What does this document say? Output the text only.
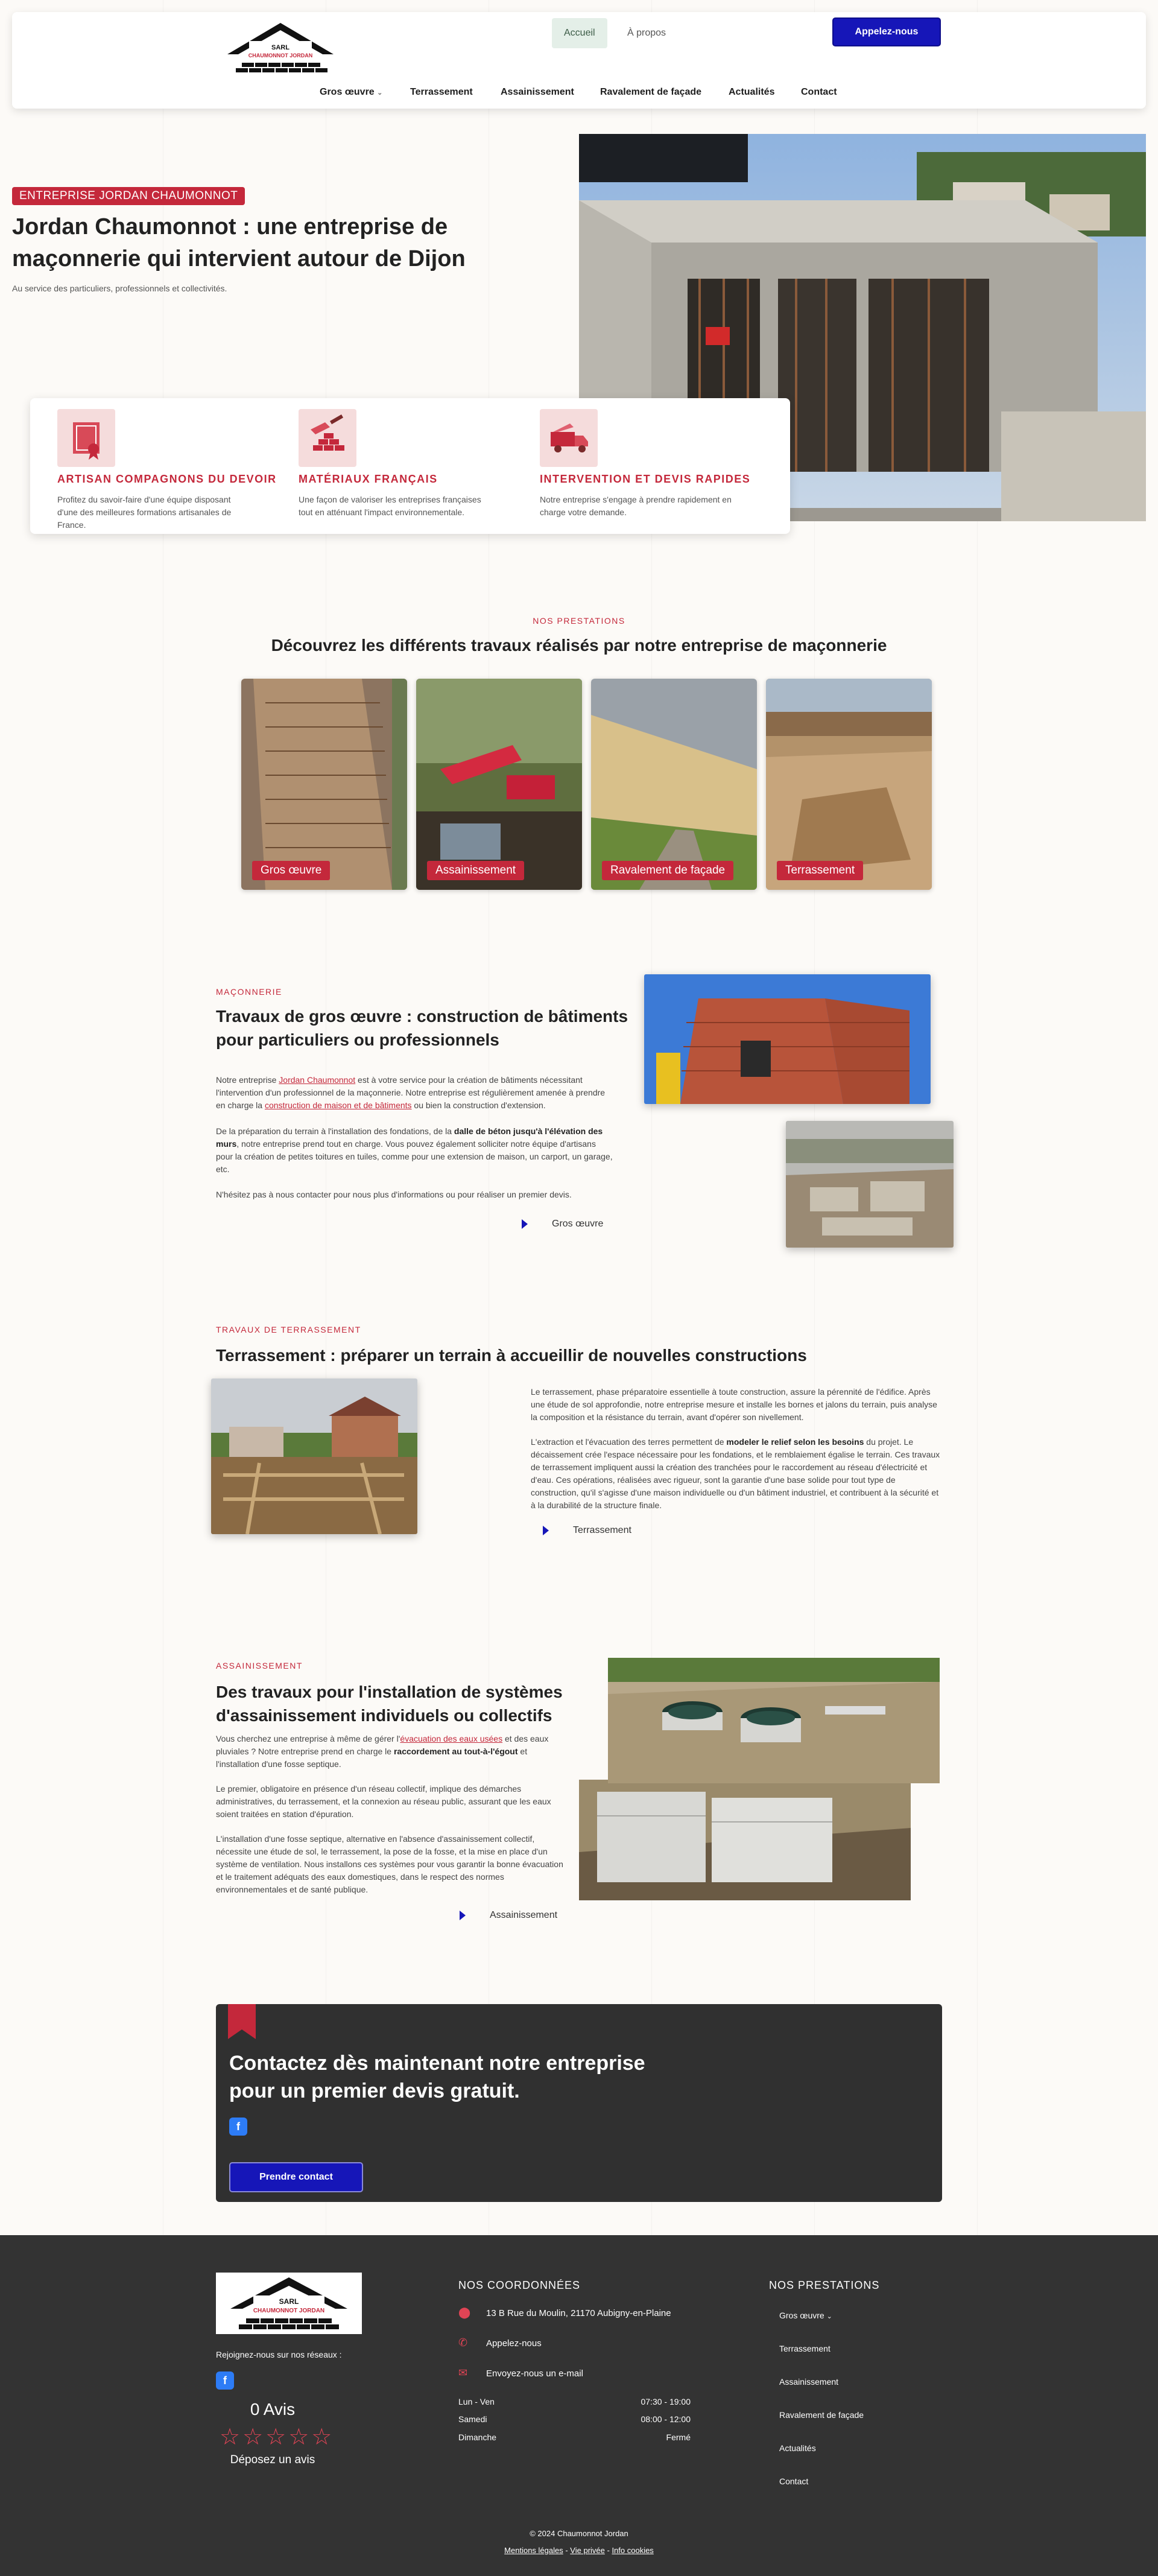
SARL
CHAUMONNOT JORDAN
Accueil	À propos	Appelez-nous
Gros œuvre ⌄	Terrassement	Assainissement	Ravalement de façade	Actualités	Contact
ENTREPRISE JORDAN CHAUMONNOT
Jordan Chaumonnot : une entreprise de maçonnerie qui intervient autour de Dijon
Au service des particuliers, professionnels et collectivités.
ARTISAN COMPAGNONS DU DEVOIR
Profitez du savoir-faire d'une équipe disposant d'une des meilleures formations artisanales de France.
MATÉRIAUX FRANÇAIS
Une façon de valoriser les entreprises françaises tout en atténuant l'impact environnementale.
INTERVENTION ET DEVIS RAPIDES
Notre entreprise s'engage à prendre rapidement en charge votre demande.
NOS PRESTATIONS
Découvrez les différents travaux réalisés par notre entreprise de maçonnerie
Gros œuvre	Assainissement	Ravalement de façade	Terrassement
MAÇONNERIE
Travaux de gros œuvre : construction de bâtiments pour particuliers ou professionnels
Notre entreprise Jordan Chaumonnot est à votre service pour la création de bâtiments nécessitant l'intervention d'un professionnel de la maçonnerie. Notre entreprise est régulièrement amenée à prendre en charge la construction de maison et de bâtiments ou bien la construction d'extension.
De la préparation du terrain à l'installation des fondations, de la dalle de béton jusqu'à l'élévation des murs, notre entreprise prend tout en charge. Vous pouvez également solliciter notre équipe d'artisans pour la création de petites toitures en tuiles, comme pour une extension de maison, un carport, un garage, etc.
N'hésitez pas à nous contacter pour nous plus d'informations ou pour réaliser un premier devis.
Gros œuvre
TRAVAUX DE TERRASSEMENT
Terrassement : préparer un terrain à accueillir de nouvelles constructions
Le terrassement, phase préparatoire essentielle à toute construction, assure la pérennité de l'édifice. Après une étude de sol approfondie, notre entreprise mesure et installe les bornes et jalons du terrain, puis analyse la composition et la résistance du terrain, avant d'opérer son nivellement.
L'extraction et l'évacuation des terres permettent de modeler le relief selon les besoins du projet. Le décaissement crée l'espace nécessaire pour les fondations, et le remblaiement égalise le terrain. Ces travaux de terrassement impliquent aussi la création des tranchées pour le raccordement au réseau d'électricité et d'eau. Ces opérations, réalisées avec rigueur, sont la garantie d'une base solide pour tout type de construction, qu'il s'agisse d'une maison individuelle ou d'un bâtiment industriel, et contribuent à la sécurité et à la durabilité de la structure finale.
Terrassement
ASSAINISSEMENT
Des travaux pour l'installation de systèmes d'assainissement individuels ou collectifs
Vous cherchez une entreprise à même de gérer l'évacuation des eaux usées et des eaux pluviales ? Notre entreprise prend en charge le raccordement au tout-à-l'égout et l'installation d'une fosse septique.
Le premier, obligatoire en présence d'un réseau collectif, implique des démarches administratives, du terrassement, et la connexion au réseau public, assurant que les eaux soient traitées en station d'épuration.
L'installation d'une fosse septique, alternative en l'absence d'assainissement collectif, nécessite une étude de sol, le terrassement, la pose de la fosse, et la mise en place d'un système de ventilation. Nous installons ces systèmes pour vous garantir la bonne évacuation et le traitement adéquats des eaux domestiques, dans le respect des normes environnementales et de santé publique.
Assainissement
Contactez dès maintenant notre entreprise pour un premier devis gratuit.
f
Prendre contact
SARL
CHAUMONNOT JORDAN
Rejoignez-nous sur nos réseaux :
f
0 Avis
☆☆☆☆☆
Déposez un avis
NOS COORDONNÉES
⬤ 13 B Rue du Moulin, 21170 Aubigny-en-Plaine
✆ Appelez-nous
✉ Envoyez-nous un e-mail
Lun - Ven	07:30 - 19:00
Samedi	08:00 - 12:00
Dimanche	Fermé
NOS PRESTATIONS
Gros œuvre ⌄
Terrassement
Assainissement
Ravalement de façade
Actualités
Contact
© 2024 Chaumonnot Jordan
Mentions légales - Vie privée - Info cookies
